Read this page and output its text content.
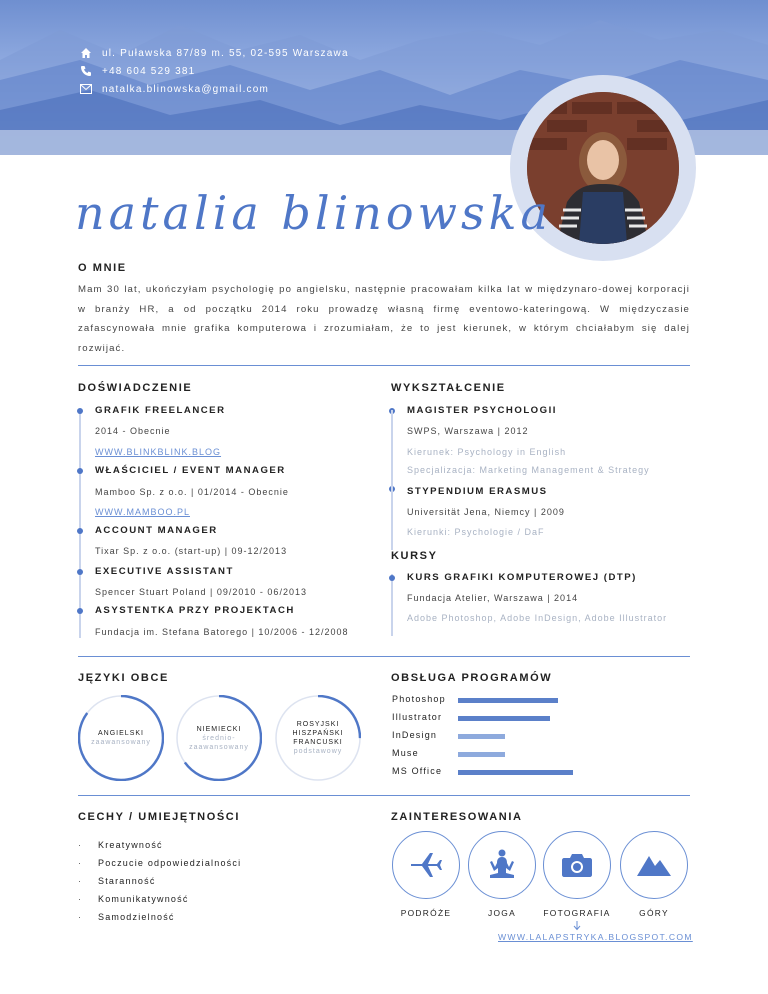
ul. Puławska 87/89 m. 55, 02-595 Warszawa
+48 604 529 381
natalka.blinowska@gmail.com
natalia blinowska
O MNIE
Mam 30 lat, ukończyłam psychologię po angielsku, następnie pracowałam kilka lat w międzynaro-dowej korporacji w branży HR, a od początku 2014 roku prowadzę własną firmę eventowo-kateringową. W międzyczasie zafascynowała mnie grafika komputerowa i zrozumiałam, że to jest kierunek, w którym chciałabym się dalej rozwijać.
DOŚWIADCZENIE
GRAFIK FREELANCER
2014 - Obecnie
WWW.BLINKBLINK.BLOG
WŁAŚCICIEL / EVENT MANAGER
Mamboo Sp. z o.o. | 01/2014 - Obecnie
WWW.MAMBOO.PL
ACCOUNT MANAGER
Tixar Sp. z o.o. (start-up) | 09-12/2013
EXECUTIVE ASSISTANT
Spencer Stuart Poland | 09/2010 - 06/2013
ASYSTENTKA PRZY PROJEKTACH
Fundacja im. Stefana Batorego | 10/2006 - 12/2008
WYKSZTAŁCENIE
MAGISTER PSYCHOLOGII
SWPS, Warszawa | 2012
Kierunek: Psychology in English
Specjalizacja: Marketing Management & Strategy
STYPENDIUM ERASMUS
Universität Jena, Niemcy | 2009
Kierunki: Psychologie / DaF
KURSY
KURS GRAFIKI KOMPUTEROWEJ (DTP)
Fundacja Atelier, Warszawa | 2014
Adobe Photoshop, Adobe InDesign, Adobe Illustrator
JĘZYKI OBCE
ANGIELSKI
zaawansowany
NIEMIECKI
średnio-
zaawansowany
ROSYJSKI
HISZPAŃSKI
FRANCUSKI
podstawowy
OBSŁUGA PROGRAMÓW
Photoshop
Illustrator
InDesign
Muse
MS Office
CECHY / UMIEJĘTNOŚCI
· Kreatywność
· Poczucie odpowiedzialności
· Staranność
· Komunikatywność
· Samodzielność
ZAINTERESOWANIA
PODRÓŻE	JOGA	FOTOGRAFIA	GÓRY
WWW.LALAPSTRYKA.BLOGSPOT.COM
